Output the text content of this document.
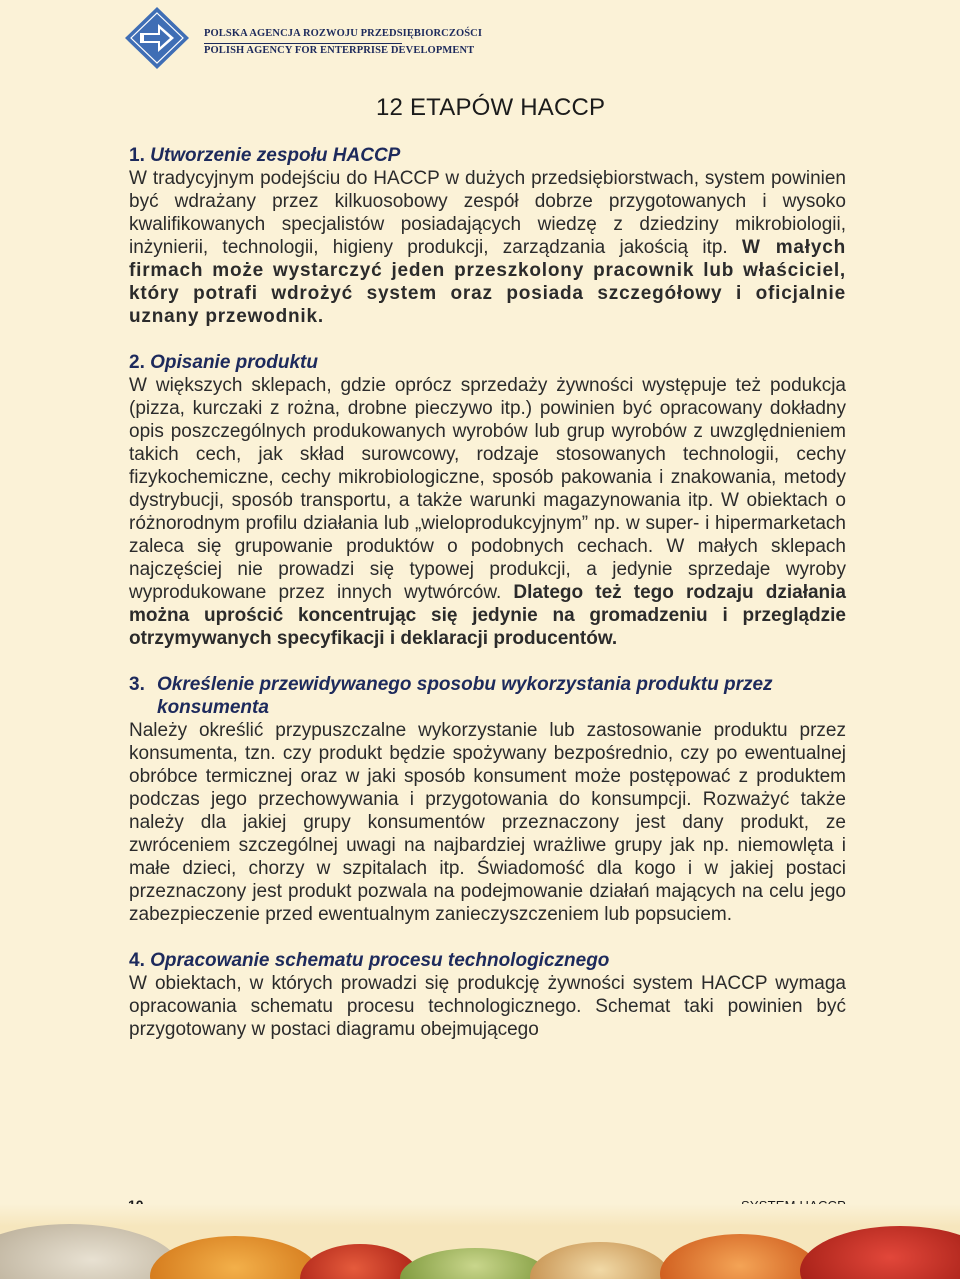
POLSKA AGENCJA ROZWOJU PRZEDSIĘBIORCZOŚCI
POLISH AGENCY FOR ENTERPRISE DEVELOPMENT
12 ETAPÓW HACCP

1. Utworzenie zespołu HACCP

W tradycyjnym podejściu do HACCP w dużych przedsiębiorstwach, system powinien być wdrażany przez kilkuosobowy zespół dobrze przygotowanych i wysoko kwalifikowanych specjalistów posiadających wiedzę z dziedziny mikrobiologii, inżynierii, technologii, higieny produkcji, zarządzania jakością itp. W małych firmach może wystarczyć jeden przeszkolony pracownik lub właściciel, który potrafi wdrożyć system oraz posiada szczegółowy i oficjalnie uznany przewodnik.

2. Opisanie produktu

W większych sklepach, gdzie oprócz sprzedaży żywności występuje też podukcja (pizza, kurczaki z rożna, drobne pieczywo itp.) powinien być opracowany dokładny opis poszczególnych produkowanych wyrobów lub grup wyrobów z uwzględnieniem takich cech, jak skład surowcowy, rodzaje stosowanych technologii, cechy fizykochemiczne, cechy mikrobiologiczne, sposób pakowania i znakowania, metody dystrybucji, sposób transportu, a także warunki magazynowania itp. W obiektach o różnorodnym profilu działania lub „wieloprodukcyjnym” np. w super- i hipermarketach zaleca się grupowanie produktów o podobnych cechach. W małych sklepach najczęściej nie prowadzi się typowej produkcji, a jedynie sprzedaje wyroby wyprodukowane przez innych wytwórców. Dlatego też tego rodzaju działania można uprościć koncentrując się jedynie na gromadzeniu i przeglądzie otrzymywanych specyfikacji i deklaracji producentów.

3. Określenie przewidywanego sposobu wykorzystania produktu przez konsumenta

Należy określić przypuszczalne wykorzystanie lub zastosowanie produktu przez konsumenta, tzn. czy produkt będzie spożywany bezpośrednio, czy po ewentualnej obróbce termicznej oraz w jaki sposób konsument może postępować z produktem podczas jego przechowywania i przygotowania do konsumpcji. Rozważyć także należy dla jakiej grupy konsumentów przeznaczony jest dany produkt, ze zwróceniem szczególnej uwagi na najbardziej wrażliwe grupy jak np. niemowlęta i małe dzieci, chorzy w szpitalach itp. Świadomość dla kogo i w jakiej postaci przeznaczony jest produkt pozwala na podejmowanie działań mających na celu jego zabezpieczenie przed ewentualnym zanieczyszczeniem lub popsuciem.

4. Opracowanie schematu procesu technologicznego

W obiektach, w których prowadzi się produkcję żywności system HACCP wymaga opracowania schematu procesu technologicznego. Schemat taki powinien być przygotowany w postaci diagramu obejmującego
